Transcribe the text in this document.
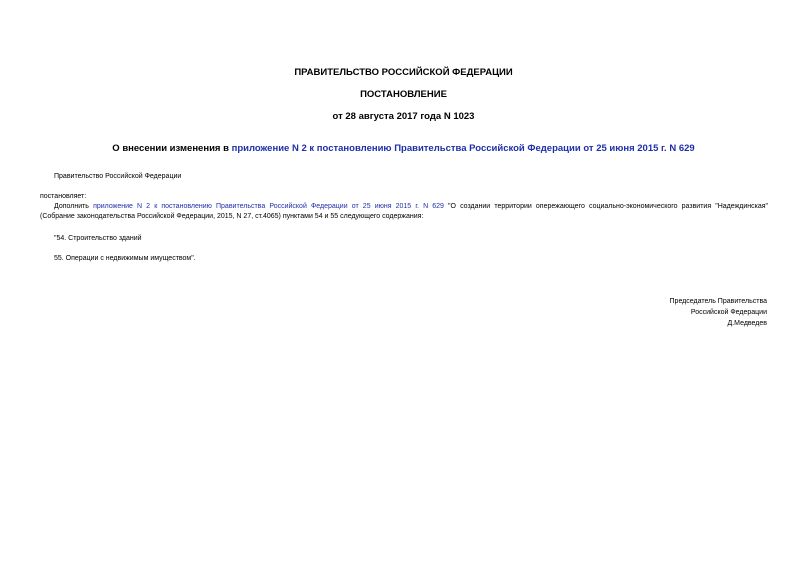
ПРАВИТЕЛЬСТВО РОССИЙСКОЙ ФЕДЕРАЦИИ

ПОСТАНОВЛЕНИЕ

от 28 августа 2017 года N 1023

О внесении изменения в приложение N 2 к постановлению Правительства Российской Федерации от 25 июня 2015 г. N 629

Правительство Российской Федерации

постановляет:

Дополнить приложение N 2 к постановлению Правительства Российской Федерации от 25 июня 2015 г. N 629 "О создании территории опережающего социально-экономического развития "Надеждинская"

(Собрание законодательства Российской Федерации, 2015, N 27, ст.4065) пунктами 54 и 55 следующего содержания:

"54. Строительство зданий

55. Операции с недвижимым имуществом".

Председатель Правительства
Российской Федерации
Д.Медведев
